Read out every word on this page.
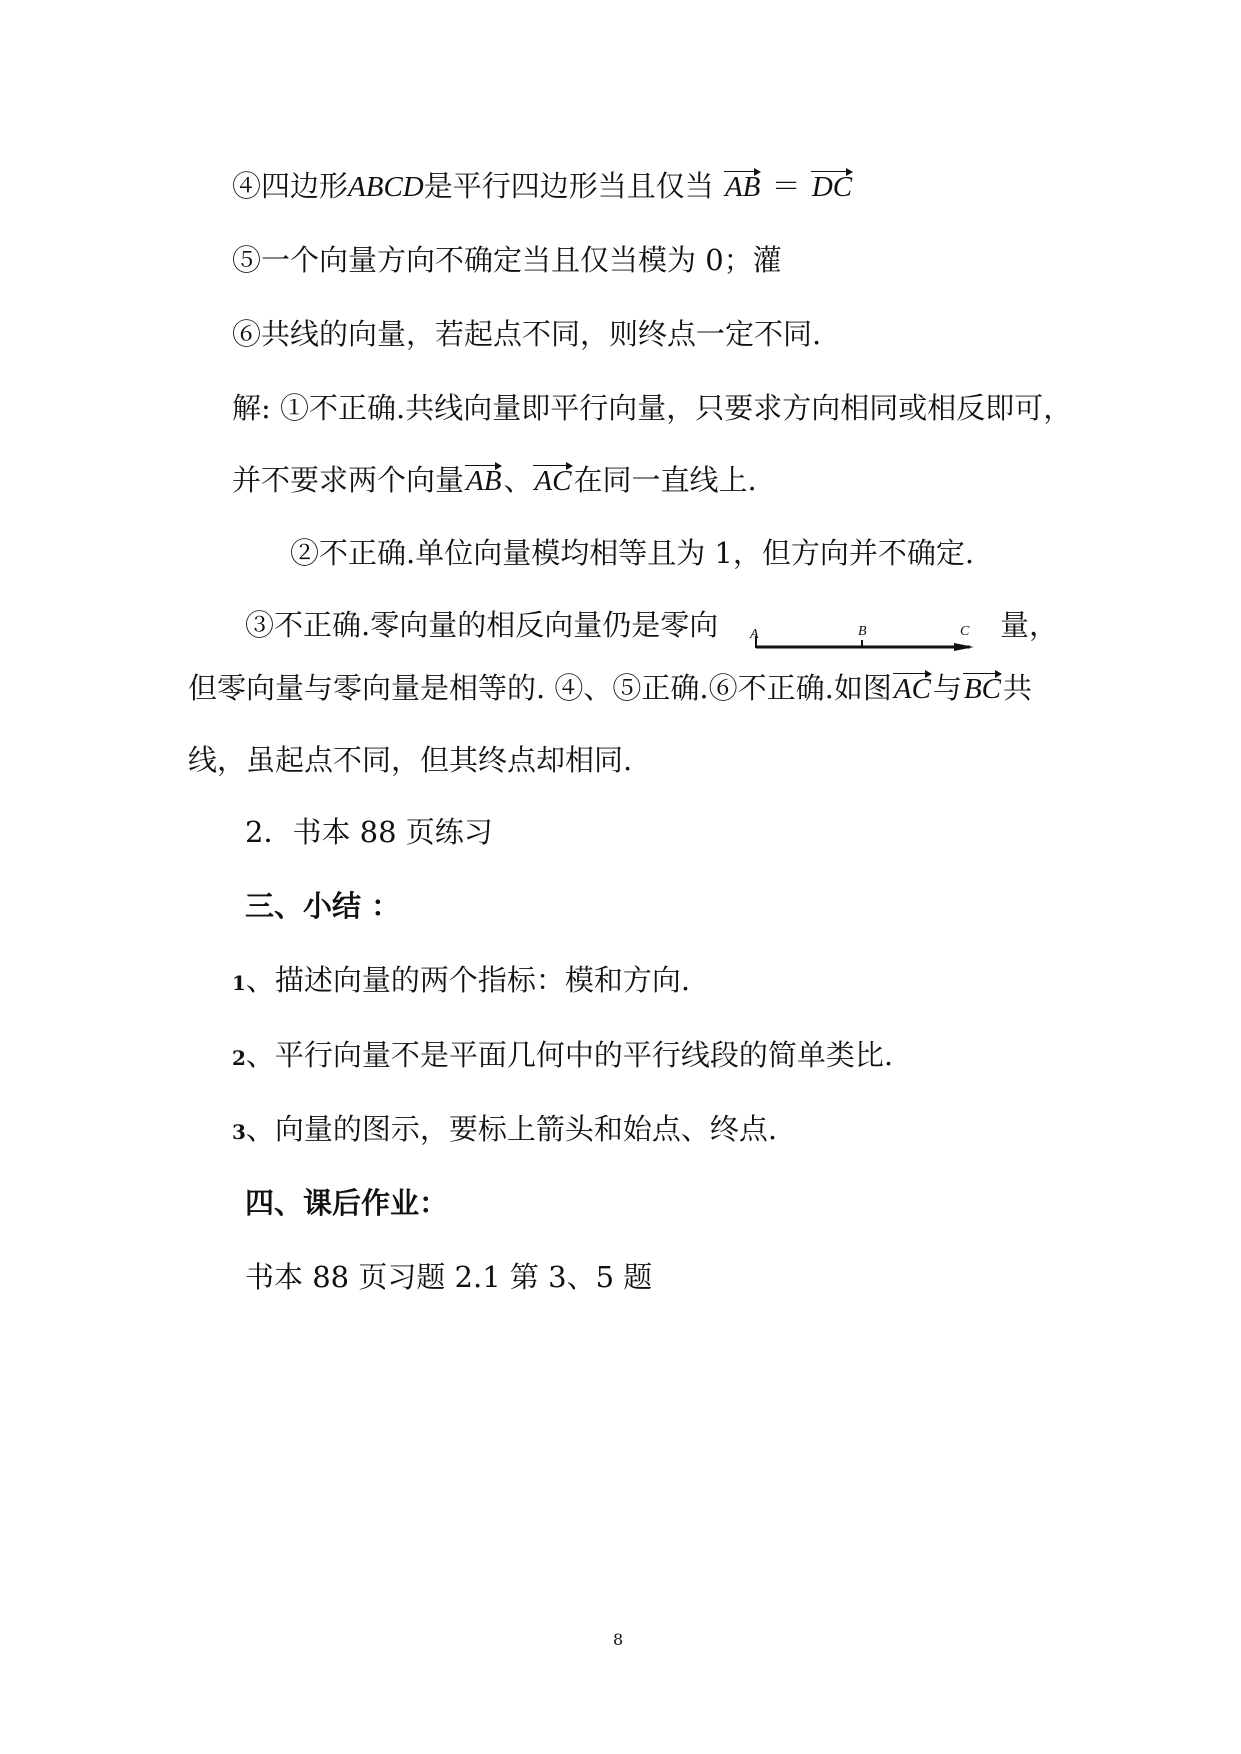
④四边形ABCD是平行四边形当且仅当 AB ＝ DC
⑤一个向量方向不确定当且仅当模为 0；灌
⑥共线的向量，若起点不同，则终点一定不同.
解: ①不正确.共线向量即平行向量，只要求方向相同或相反即可，
并不要求两个向量
AB、
AC在同一直线上.
②不正确.单位向量模均相等且为 1，但方向并不确定.
③不正确.零向量的相反向量仍是零向	量，
A	B	C
但零向量与零向量是相等的. ④、⑤正确.⑥不正确.如图
AC与
BC共
线，虽起点不同，但其终点却相同.
2．书本 88 页练习
三、小结 ：
1、描述向量的两个指标：模和方向.
2、平行向量不是平面几何中的平行线段的简单类比.
3、向量的图示，要标上箭头和始点、终点.
四、课后作业：
书本 88 页习题 2.1 第 3、5 题
8
